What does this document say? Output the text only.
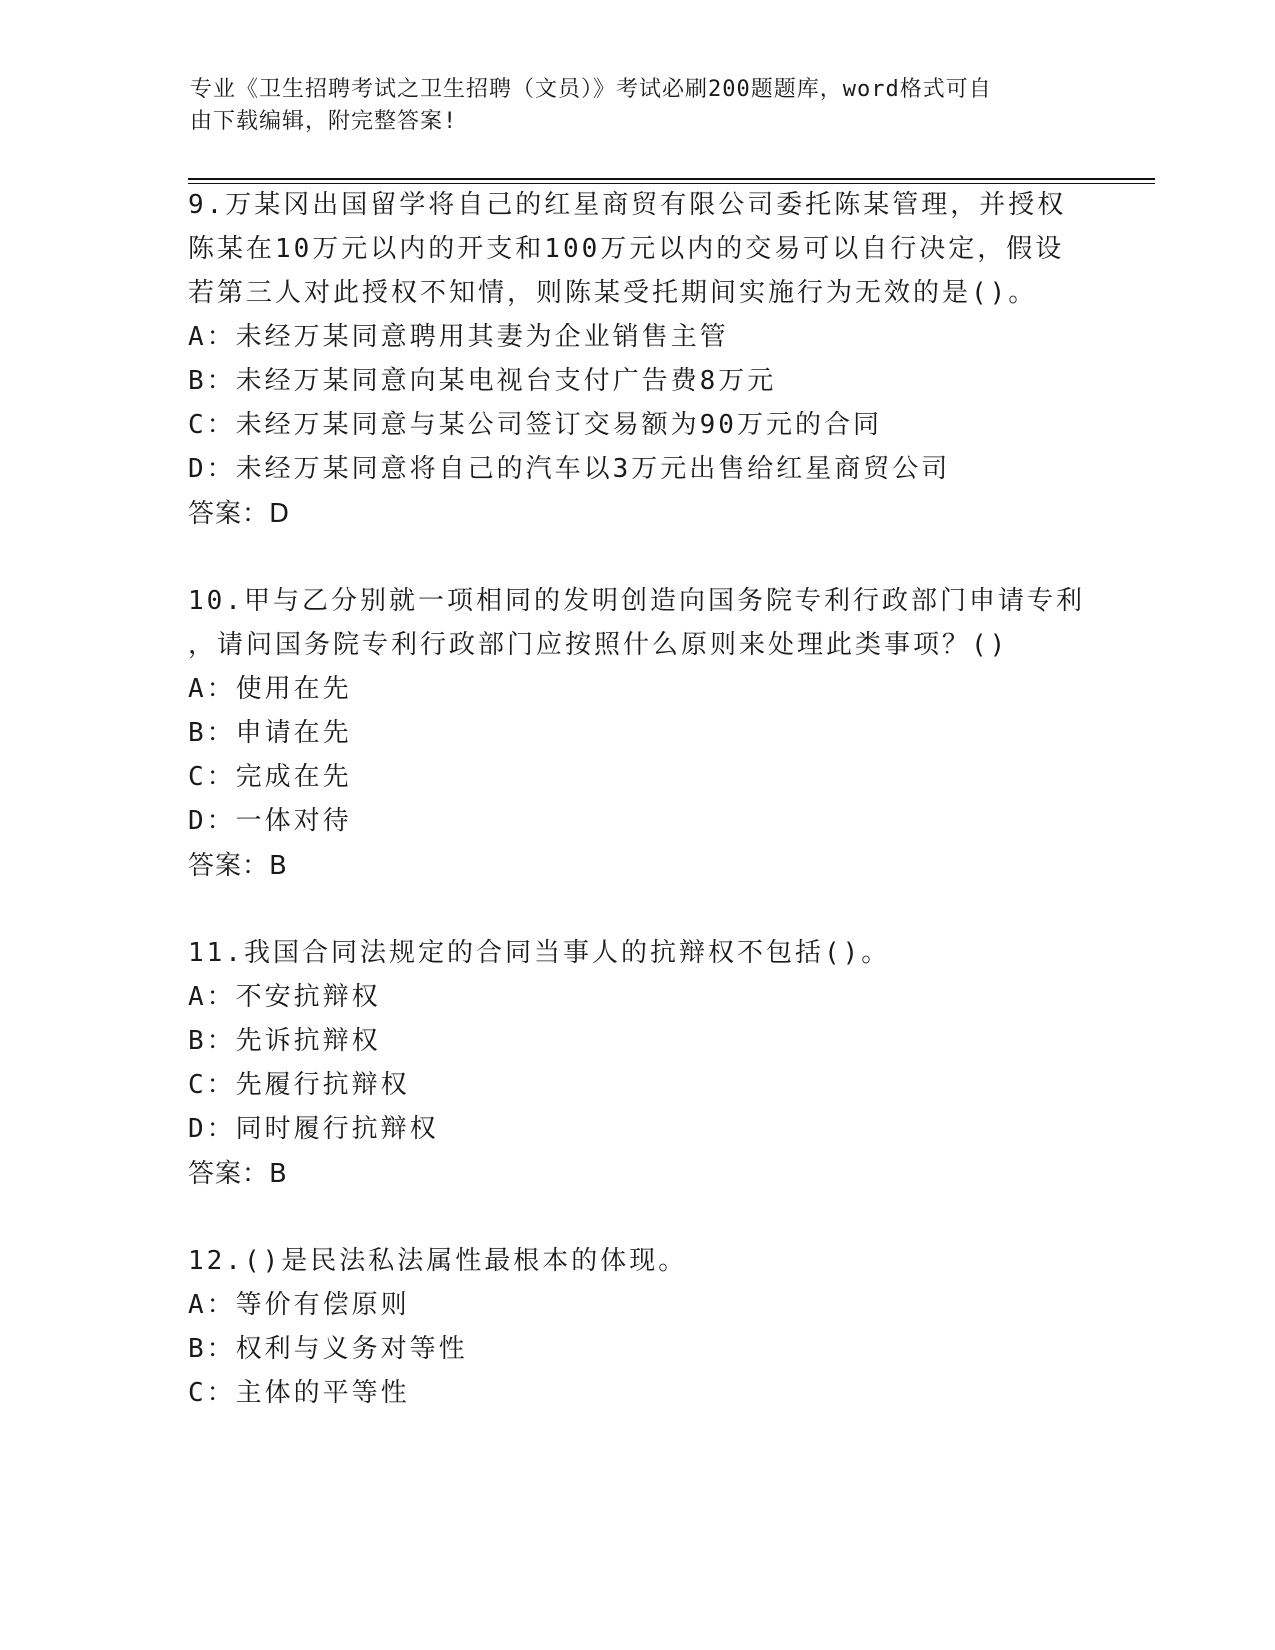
专业《卫生招聘考试之卫生招聘（文员）》考试必刷200题题库，word格式可自
由下载编辑，附完整答案!
9.万某冈出国留学将自己的红星商贸有限公司委托陈某管理，并授权
陈某在10万元以内的开支和100万元以内的交易可以自行决定，假设
若第三人对此授权不知情，则陈某受托期间实施行为无效的是()。
A：未经万某同意聘用其妻为企业销售主管
B：未经万某同意向某电视台支付广告费8万元
C：未经万某同意与某公司签订交易额为90万元的合同
D：未经万某同意将自己的汽车以3万元出售给红星商贸公司
答案：D
10.甲与乙分别就一项相同的发明创造向国务院专利行政部门申请专利
，请问国务院专利行政部门应按照什么原则来处理此类事项？()
A：使用在先
B：申请在先
C：完成在先
D：一体对待
答案：B
11.我国合同法规定的合同当事人的抗辩权不包括()。
A：不安抗辩权
B：先诉抗辩权
C：先履行抗辩权
D：同时履行抗辩权
答案：B
12.()是民法私法属性最根本的体现。
A：等价有偿原则
B：权利与义务对等性
C：主体的平等性
